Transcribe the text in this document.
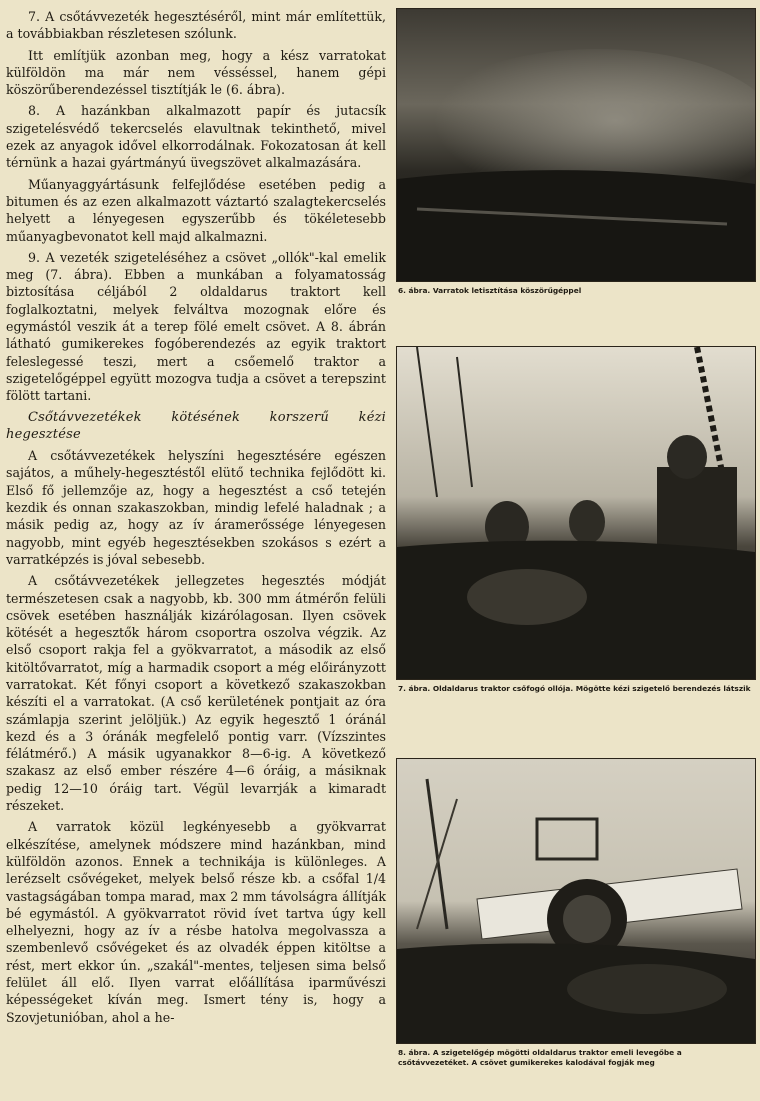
7. A csőtávvezeték hegesztéséről, mint már említettük, a továbbiakban részletesen szólunk.

Itt említjük azonban meg, hogy a kész varratokat külföldön ma már nem vésséssel, hanem gépi köszörűberendezéssel tisztítják le (6. ábra).

8. A hazánkban alkalmazott papír és jutacsík szigetelésvédő tekercselés elavultnak tekinthető, mivel ezek az anyagok idővel elkorrodálnak. Fokozatosan át kell térnünk a hazai gyártmányú üvegszövet alkalmazására.

Műanyaggyártásunk felfejlődése esetében pedig a bitumen és az ezen alkalmazott váztartó szalagtekercselés helyett a lényegesen egyszerűbb és tökéletesebb műanyagbevonatot kell majd alkalmazni.

9. A vezeték szigeteléséhez a csövet „ollók"-kal emelik meg (7. ábra). Ebben a munkában a folyamatosság biztosítása céljából 2 oldaldarus traktort kell foglalkoztatni, melyek felváltva mozognak előre és egymástól veszik át a terep fölé emelt csövet. A 8. ábrán látható gumikerekes fogóberendezés az egyik traktort feleslegessé teszi, mert a csőemelő traktor a szigetelőgéppel együtt mozogva tudja a csövet a terepszint fölött tartani.

Csőtávvezetékek kötésének korszerű kézi hegesztése

A csőtávvezetékek helyszíni hegesztésére egészen sajátos, a műhely-hegesztéstől elütő technika fejlődött ki. Első fő jellemzője az, hogy a hegesztést a cső tetején kezdik és onnan szakaszokban, mindig lefelé haladnak ; a másik pedig az, hogy az ív áramerőssége lényegesen nagyobb, mint egyéb hegesztésekben szokásos s ezért a varratképzés is jóval sebesebb.

A csőtávvezetékek jellegzetes hegesztés módját természetesen csak a nagyobb, kb. 300 mm átmérőn felüli csövek esetében használják kizárólagosan. Ilyen csövek kötését a hegesztők három csoportra oszolva végzik. Az első csoport rakja fel a gyökvarratot, a második az első kitöltővarratot, míg a harmadik csoport a még előirányzott varratokat. Két főnyi csoport a következő szakaszokban készíti el a varratokat. (A cső kerületének pontjait az óra számlapja szerint jelöljük.) Az egyik hegesztő 1 óránál kezd és a 3 óránák megfelelő pontig varr. (Vízszintes félátmérő.) A másik ugyanakkor 8—6-ig. A következő szakasz az első ember részére 4—6 óráig, a másiknak pedig 12—10 óráig tart. Végül levarrják a kimaradt részeket.

A varratok közül legkényesebb a gyökvarrat elkészítése, amelynek módszere mind hazánkban, mind külföldön azonos. Ennek a technikája is különleges. A lerézselt csővégeket, melyek belső része kb. a csőfal 1/4 vastagságában tompa marad, max 2 mm távolságra állítják bé egymástól. A gyökvarratot rövid ívet tartva úgy kell elhelyezni, hogy az ív a résbe hatolva megolvassza a szembenlevő csővégeket és az olvadék éppen kitöltse a rést, mert ekkor ún. „szakál"-mentes, teljesen sima belső felület áll elő. Ilyen varrat előállítása iparművészi képességeket kíván meg. Ismert tény is, hogy a Szovjetunióban, ahol a he-

6. ábra. Varratok letisztítása köszörűgéppel
7. ábra. Oldaldarus traktor csőfogó ollója. Mögötte kézi szigetelő berendezés látszik
8. ábra. A szigetelőgép mögötti oldaldarus traktor emeli levegőbe a csőtávvezetéket. A csövet gumikerekes kalodával fogják meg
